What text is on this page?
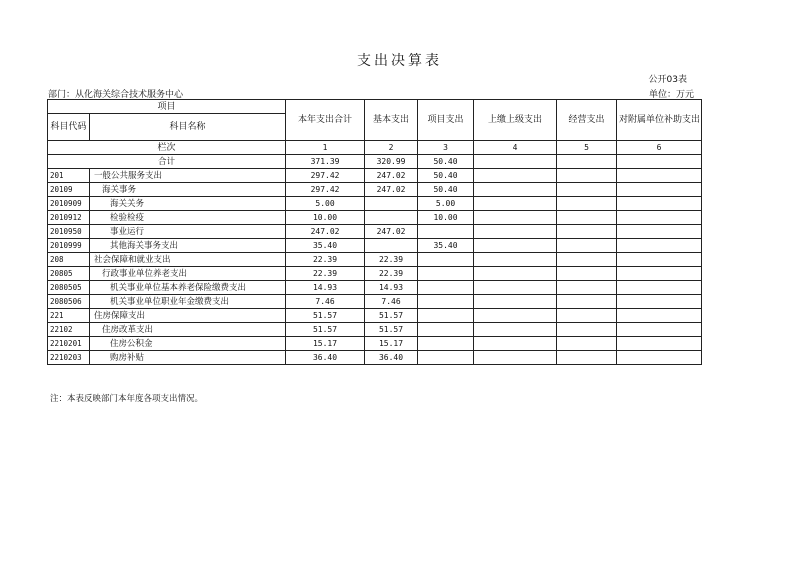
支出决算表
公开03表
部门：从化海关综合技术服务中心	单位：万元
项目		本年支出合计	基本支出	项目支出	上缴上级支出	经营支出	对附属单位补助支出
科目代码	科目名称						
栏次		1	2	3	4	5	6
合计		371.39	320.99	50.40			
201	一般公共服务支出	297.42	247.02	50.40			
20109	海关事务	297.42	247.02	50.40			
2010909	海关关务	5.00		5.00			
2010912	检验检疫	10.00		10.00			
2010950	事业运行	247.02	247.02				
2010999	其他海关事务支出	35.40		35.40			
208	社会保障和就业支出	22.39	22.39				
20805	行政事业单位养老支出	22.39	22.39				
2080505	机关事业单位基本养老保险缴费支出	14.93	14.93				
2080506	机关事业单位职业年金缴费支出	7.46	7.46				
221	住房保障支出	51.57	51.57				
22102	住房改革支出	51.57	51.57				
2210201	住房公积金	15.17	15.17				
2210203	购房补贴	36.40	36.40				
注：本表反映部门本年度各项支出情况。
